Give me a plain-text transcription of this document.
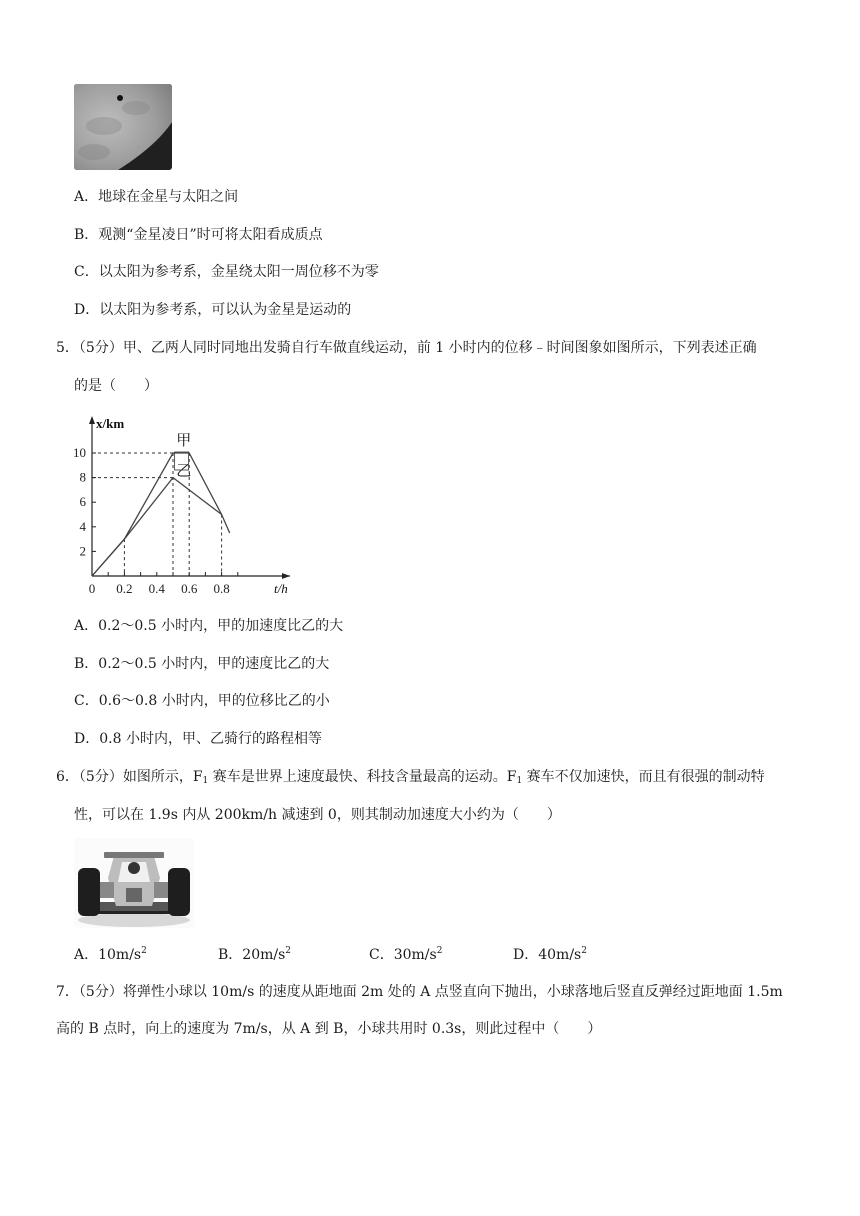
A．地球在金星与太阳之间
B．观测“金星凌日”时可将太阳看成质点
C．以太阳为参考系，金星绕太阳一周位移不为零
D．以太阳为参考系，可以认为金星是运动的
5．（5分）甲、乙两人同时同地出发骑自行车做直线运动，前 1 小时内的位移﹣时间图象如图所示，下列表述正确
的是（　　）
2
4
6
8
10
0 0.2 0.4 0.6 0.8
甲
乙
x/km
t/h
A．0.2～0.5 小时内，甲的加速度比乙的大
B．0.2～0.5 小时内，甲的速度比乙的大
C．0.6～0.8 小时内，甲的位移比乙的小
D．0.8 小时内，甲、乙骑行的路程相等
6．（5分）如图所示，$F_1$ 赛车是世界上速度最快、科技含量最高的运动。$F_1$ 赛车不仅加速快，而且有很强的制动特
性，可以在 1.9s 内从 200km/h 减速到 0，则其制动加速度大小约为（　　）
A．$10m/s^2$	B．$20m/s^2$	C．$30m/s^2$	D．$40m/s^2$
7．（5分）将弹性小球以 10m/s 的速度从距地面 2m 处的 A 点竖直向下抛出，小球落地后竖直反弹经过距地面 1.5m
高的 B 点时，向上的速度为 7m/s，从 A 到 B，小球共用时 0.3s，则此过程中（　　）
